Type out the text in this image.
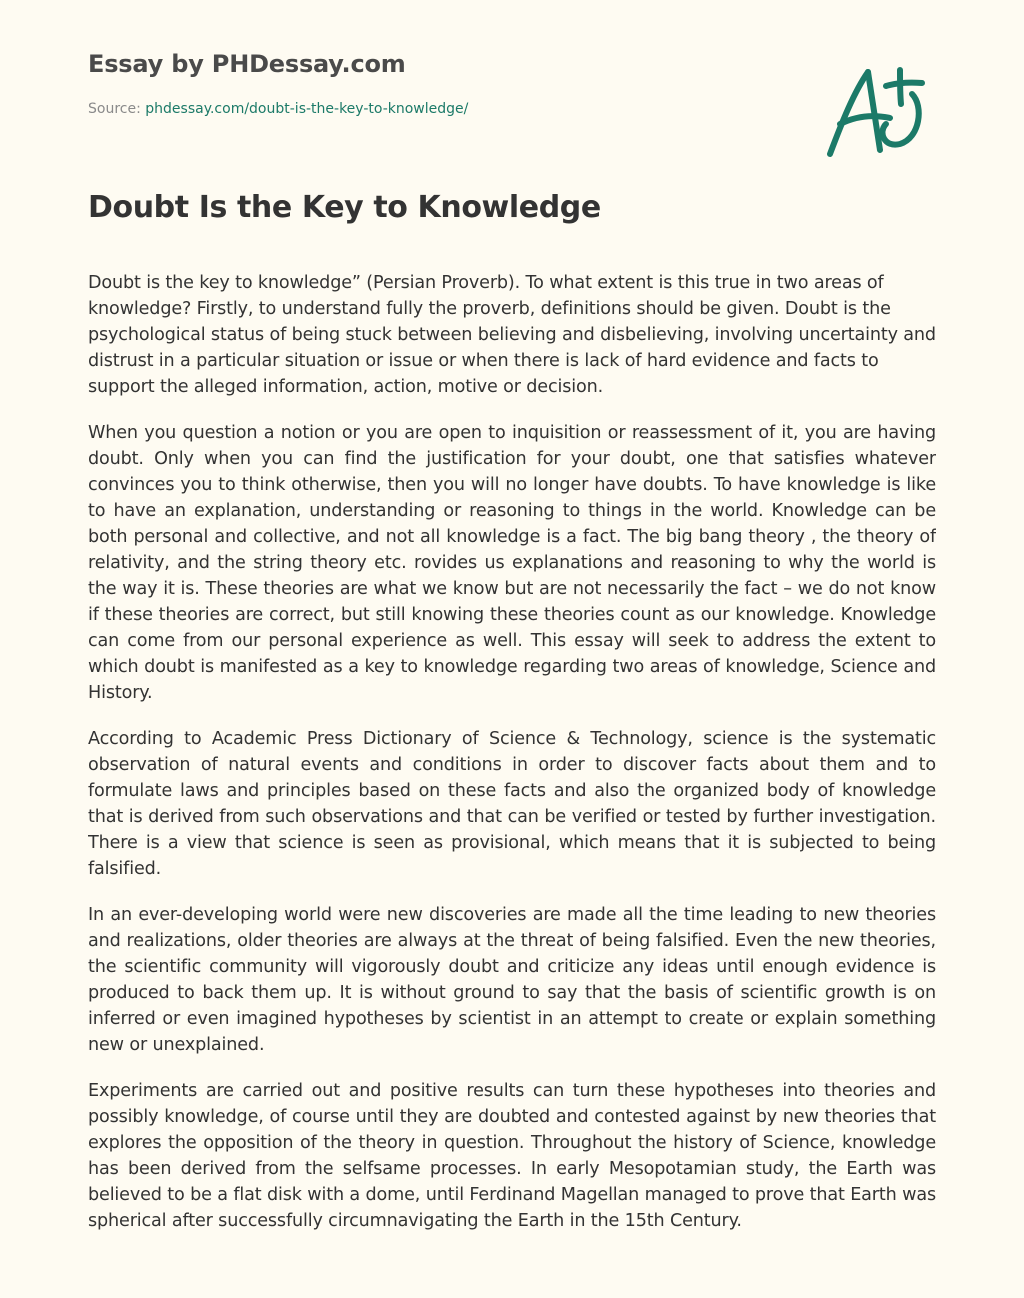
Essay by PHDessay.com
Source: phdessay.com/doubt-is-the-key-to-knowledge/
Doubt Is the Key to Knowledge

Doubt is the key to knowledge” (Persian Proverb). To what extent is this true in two areas of knowledge? Firstly, to understand fully the proverb, definitions should be given. Doubt is the psychological status of being stuck between believing and disbelieving, involving uncertainty and distrust in a particular situation or issue or when there is lack of hard evidence and facts to support the alleged information, action, motive or decision.

When you question a notion or you are open to inquisition or reassessment of it, you are having doubt. Only when you can find the justification for your doubt, one that satisfies whatever convinces you to think otherwise, then you will no longer have doubts. To have knowledge is like to have an explanation, understanding or reasoning to things in the world. Knowledge can be both personal and collective, and not all knowledge is a fact. The big bang theory , the theory of relativity, and the string theory etc. rovides us explanations and reasoning to why the world is the way it is. These theories are what we know but are not necessarily the fact – we do not know if these theories are correct, but still knowing these theories count as our knowledge. Knowledge can come from our personal experience as well. This essay will seek to address the extent to which doubt is manifested as a key to knowledge regarding two areas of knowledge, Science and History.

According to Academic Press Dictionary of Science & Technology, science is the systematic observation of natural events and conditions in order to discover facts about them and to formulate laws and principles based on these facts and also the organized body of knowledge that is derived from such observations and that can be verified or tested by further investigation. There is a view that science is seen as provisional, which means that it is subjected to being falsified.

In an ever-developing world were new discoveries are made all the time leading to new theories and realizations, older theories are always at the threat of being falsified. Even the new theories, the scientific community will vigorously doubt and criticize any ideas until enough evidence is produced to back them up. It is without ground to say that the basis of scientific growth is on inferred or even imagined hypotheses by scientist in an attempt to create or explain something new or unexplained.

Experiments are carried out and positive results can turn these hypotheses into theories and possibly knowledge, of course until they are doubted and contested against by new theories that explores the opposition of the theory in question. Throughout the history of Science, knowledge has been derived from the selfsame processes. In early Mesopotamian study, the Earth was believed to be a flat disk with a dome, until Ferdinand Magellan managed to prove that Earth was spherical after successfully circumnavigating the Earth in the 15th Century.
